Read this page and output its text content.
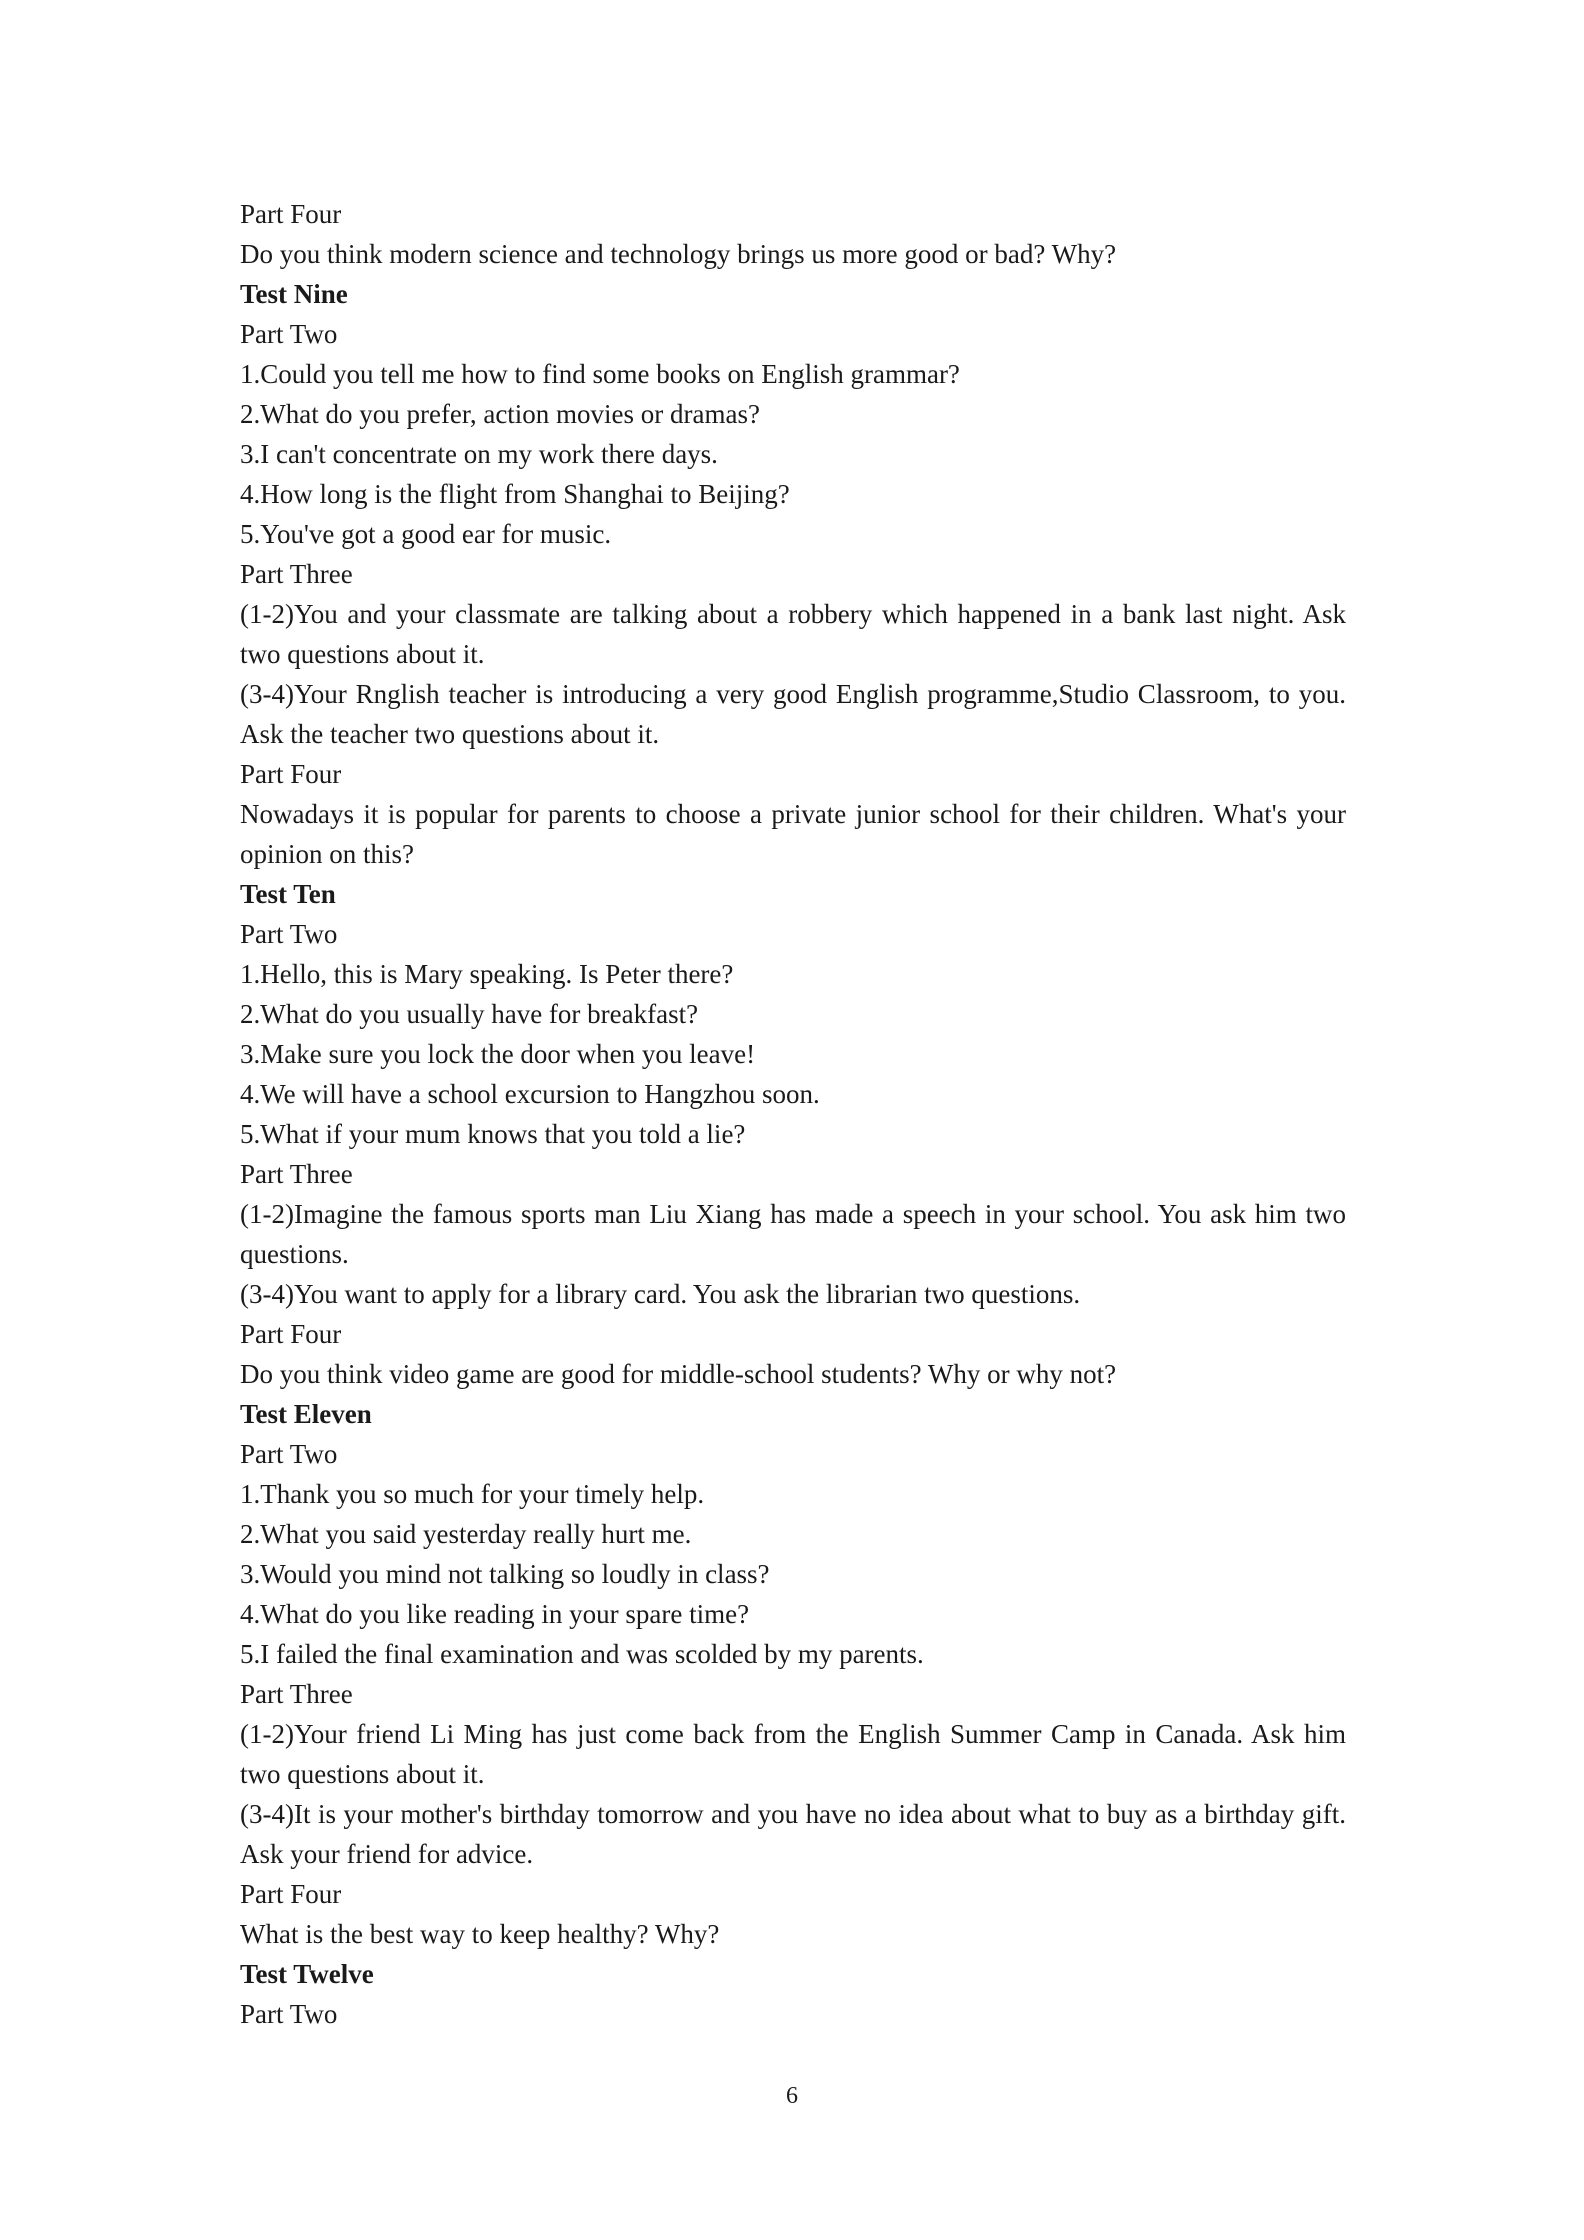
Part Four
Do you think modern science and technology brings us more good or bad? Why?
Test Nine
Part Two
1.Could you tell me how to find some books on English grammar?
2.What do you prefer, action movies or dramas?
3.I can't concentrate on my work there days.
4.How long is the flight from Shanghai to Beijing?
5.You've got a good ear for music.
Part Three
(1-2)You and your classmate are talking about a robbery which happened in a bank last night. Ask two questions about it.
(3-4)Your Rnglish teacher is introducing a very good English programme,Studio Classroom, to you. Ask the teacher two questions about it.
Part Four
Nowadays it is popular for parents to choose a private junior school for their children. What's your opinion on this?
Test Ten
Part Two
1.Hello, this is Mary speaking. Is Peter there?
2.What do you usually have for breakfast?
3.Make sure you lock the door when you leave!
4.We will have a school excursion to Hangzhou soon.
5.What if your mum knows that you told a lie?
Part Three
(1-2)Imagine the famous sports man Liu Xiang has made a speech in your school. You ask him two questions.
(3-4)You want to apply for a library card. You ask the librarian two questions.
Part Four
Do you think video game are good for middle-school students? Why or why not?
Test Eleven
Part Two
1.Thank you so much for your timely help.
2.What you said yesterday really hurt me.
3.Would you mind not talking so loudly in class?
4.What do you like reading in your spare time?
5.I failed the final examination and was scolded by my parents.
Part Three
(1-2)Your friend Li Ming has just come back from the English Summer Camp in Canada. Ask him two questions about it.
(3-4)It is your mother's birthday tomorrow and you have no idea about what to buy as a birthday gift. Ask your friend for advice.
Part Four
What is the best way to keep healthy? Why?
Test Twelve
Part Two
6
